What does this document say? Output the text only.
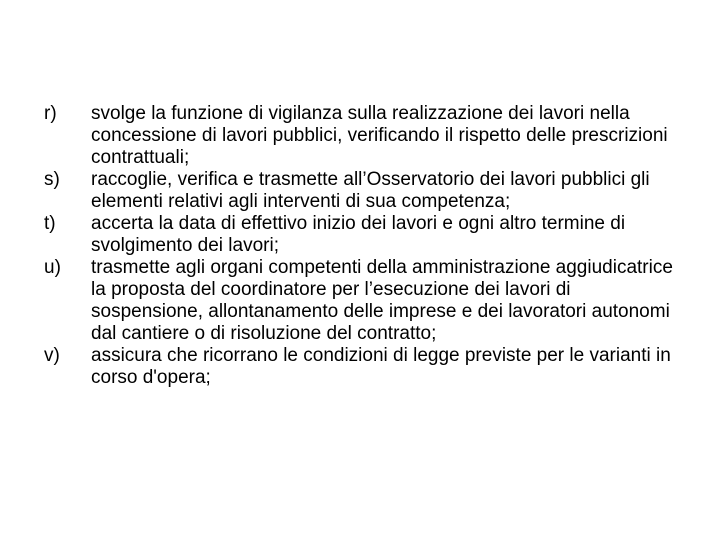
r)	svolge la funzione di vigilanza sulla realizzazione dei lavori nella concessione di lavori pubblici, verificando il rispetto delle prescrizioni contrattuali;
s)	raccoglie, verifica e trasmette all’Osservatorio dei lavori pubblici gli elementi relativi agli interventi di sua competenza;
t)	accerta la data di effettivo inizio dei lavori e ogni altro termine di svolgimento dei lavori;
u)	trasmette agli organi competenti della amministrazione aggiudicatrice la proposta del coordinatore per l’esecuzione dei lavori di sospensione, allontanamento delle imprese e dei lavoratori autonomi dal cantiere o di risoluzione del contratto;
v)	assicura che ricorrano le condizioni di legge previste per le varianti in corso d'opera;
